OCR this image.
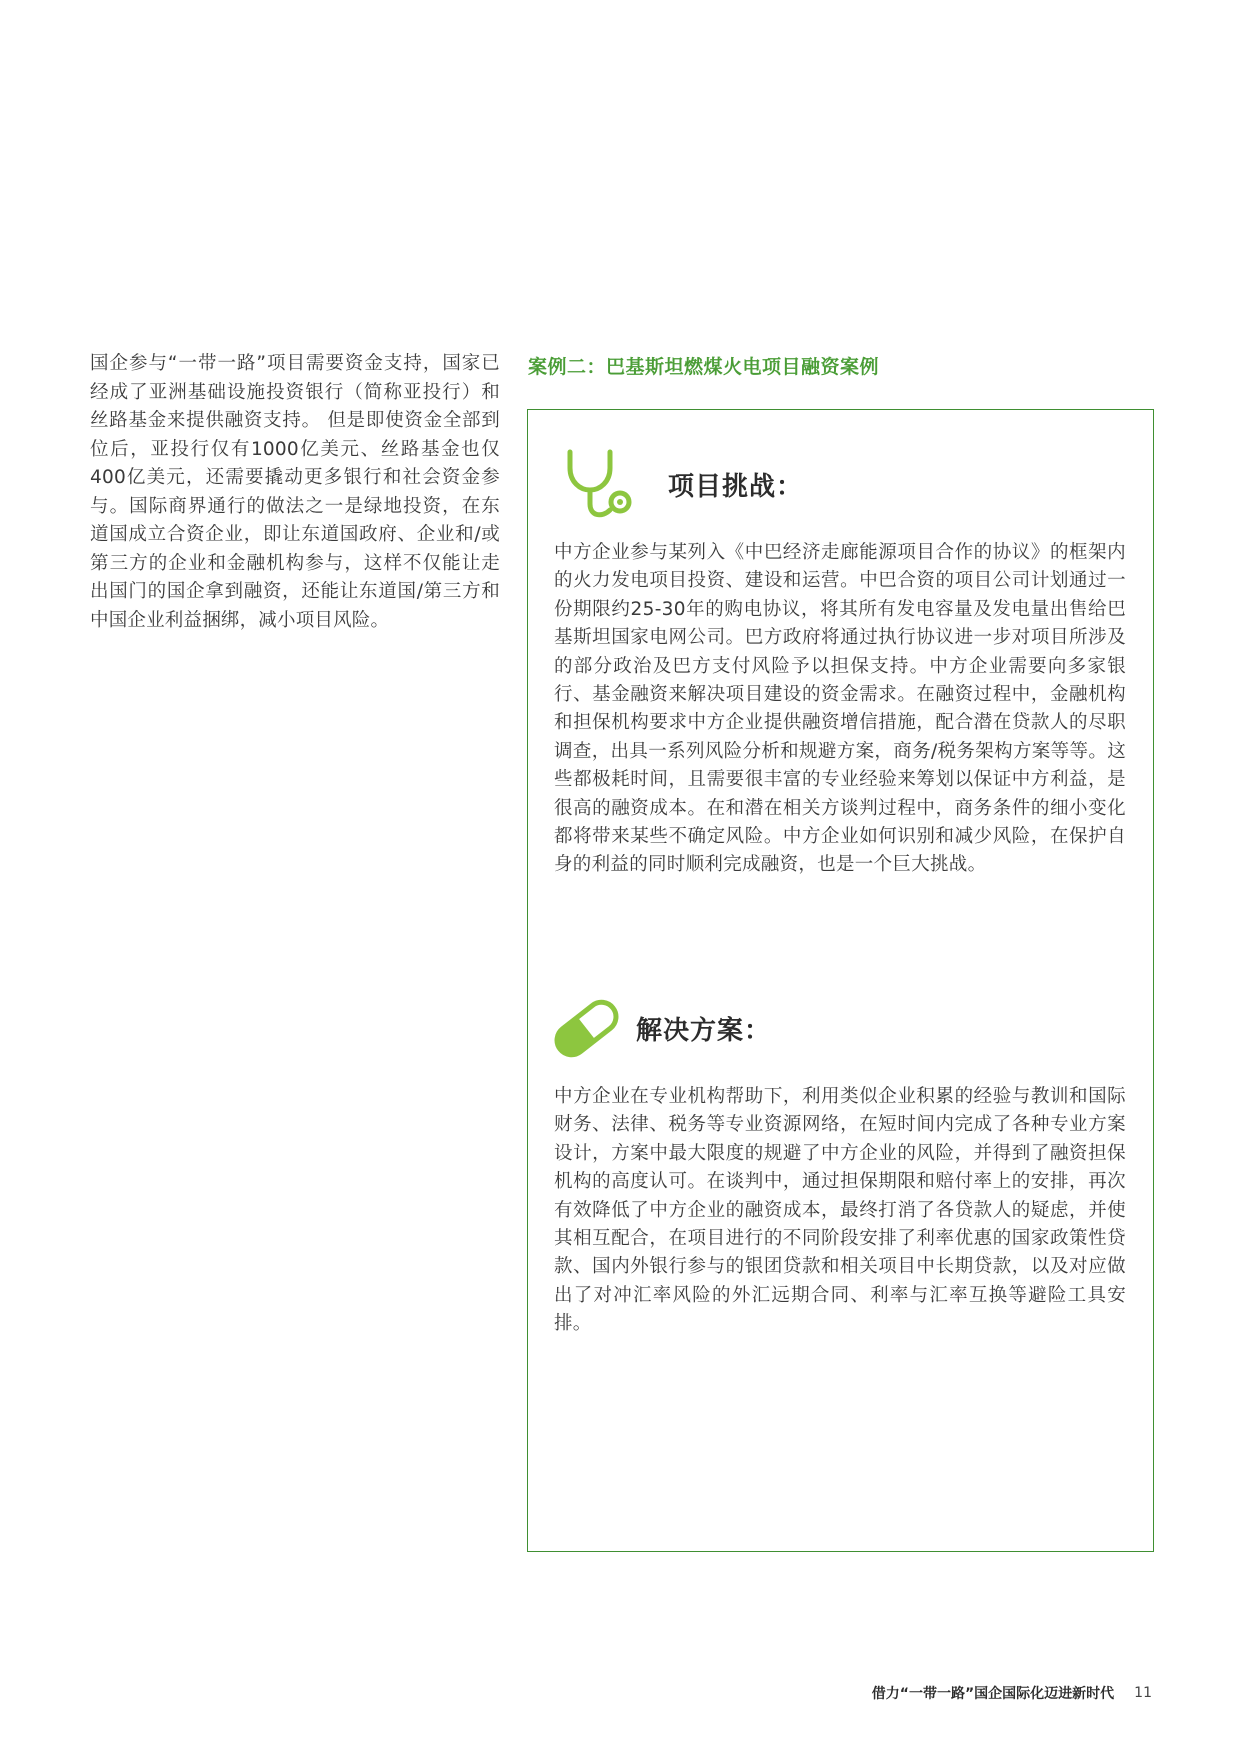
国企参与“一带一路”项目需要资金支持，国家已经成了亚洲基础设施投资银行（简称亚投行）和丝路基金来提供融资支持。 但是即使资金全部到位后，亚投行仅有1000亿美元、丝路基金也仅400亿美元，还需要撬动更多银行和社会资金参与。国际商界通行的做法之一是绿地投资，在东道国成立合资企业，即让东道国政府、企业和/或第三方的企业和金融机构参与，这样不仅能让走出国门的国企拿到融资，还能让东道国/第三方和中国企业利益捆绑，减小项目风险。
案例二：巴基斯坦燃煤火电项目融资案例
项目挑战：

中方企业参与某列入《中巴经济走廊能源项目合作的协议》的框架内的火力发电项目投资、建设和运营。中巴合资的项目公司计划通过一份期限约25-30年的购电协议，将其所有发电容量及发电量出售给巴基斯坦国家电网公司。巴方政府将通过执行协议进一步对项目所涉及的部分政治及巴方支付风险予以担保支持。中方企业需要向多家银行、基金融资来解决项目建设的资金需求。在融资过程中，金融机构和担保机构要求中方企业提供融资增信措施，配合潜在贷款人的尽职调查，出具一系列风险分析和规避方案，商务/税务架构方案等等。这些都极耗时间，且需要很丰富的专业经验来筹划以保证中方利益，是很高的融资成本。在和潜在相关方谈判过程中，商务条件的细小变化都将带来某些不确定风险。中方企业如何识别和减少风险，在保护自身的利益的同时顺利完成融资，也是一个巨大挑战。

解决方案：

中方企业在专业机构帮助下，利用类似企业积累的经验与教训和国际财务、法律、税务等专业资源网络，在短时间内完成了各种专业方案设计，方案中最大限度的规避了中方企业的风险，并得到了融资担保机构的高度认可。在谈判中，通过担保期限和赔付率上的安排，再次有效降低了中方企业的融资成本，最终打消了各贷款人的疑虑，并使其相互配合，在项目进行的不同阶段安排了利率优惠的国家政策性贷款、国内外银行参与的银团贷款和相关项目中长期贷款，以及对应做出了对冲汇率风险的外汇远期合同、利率与汇率互换等避险工具安排。

借力“一带一路”国企国际化迈进新时代 11
